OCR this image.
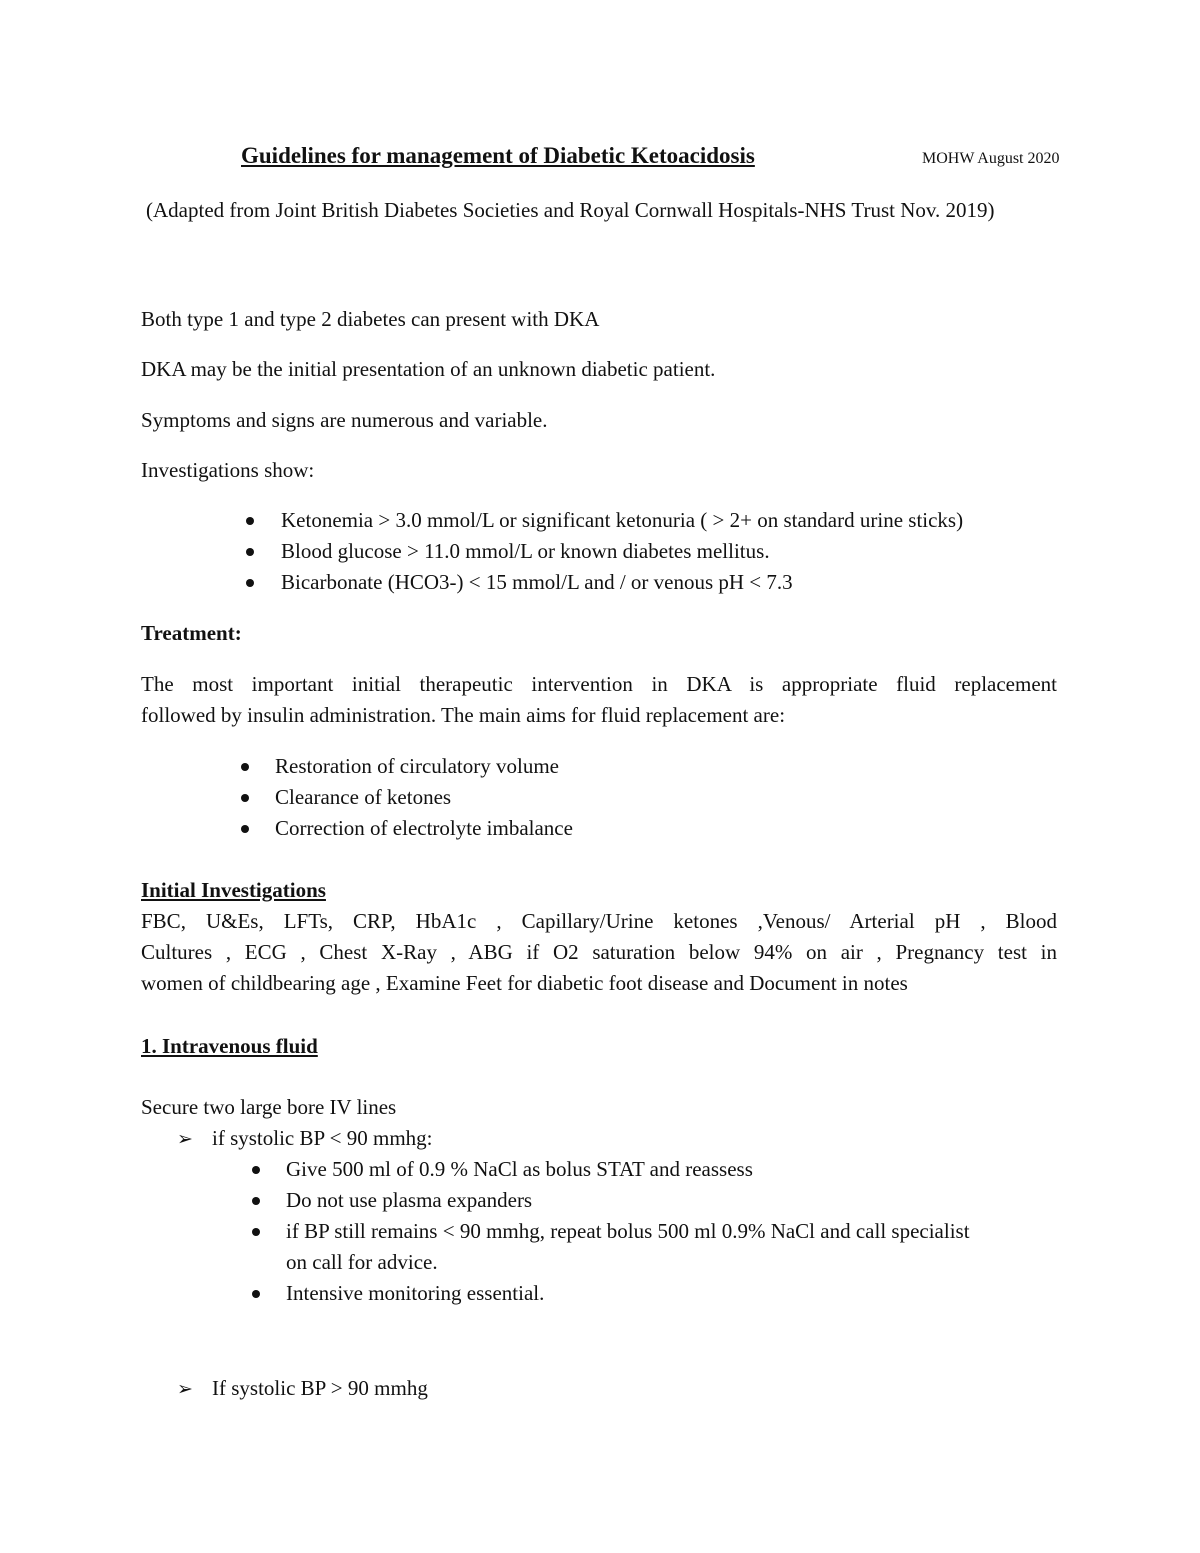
Guidelines for management of Diabetic Ketoacidosis	MOHW August 2020
(Adapted from Joint British Diabetes Societies and Royal Cornwall Hospitals-NHS Trust Nov. 2019)
Both type 1 and type 2 diabetes can present with DKA
DKA may be the initial presentation of an unknown diabetic patient.
Symptoms and signs are numerous and variable.
Investigations show:
Ketonemia > 3.0 mmol/L or significant ketonuria ( > 2+ on standard urine sticks)
Blood glucose > 11.0 mmol/L or known diabetes mellitus.
Bicarbonate (HCO3-) < 15 mmol/L and / or venous pH < 7.3
Treatment:
The most important initial therapeutic intervention in DKA is appropriate fluid replacement
followed by insulin administration. The main aims for fluid replacement are:
Restoration of circulatory volume
Clearance of ketones
Correction of electrolyte imbalance
Initial Investigations
FBC, U&Es, LFTs, CRP, HbA1c , Capillary/Urine ketones ,Venous/ Arterial pH , Blood
Cultures , ECG , Chest X-Ray , ABG if O2 saturation below 94% on air , Pregnancy test in
women of childbearing age , Examine Feet for diabetic foot disease and Document in notes
1. Intravenous fluid
Secure two large bore IV lines
➢ if systolic BP < 90 mmhg:
Give 500 ml of 0.9 % NaCl as bolus STAT and reassess
Do not use plasma expanders
if BP still remains < 90 mmhg, repeat bolus 500 ml 0.9% NaCl and call specialist
on call for advice.
Intensive monitoring essential.
➢ If systolic BP > 90 mmhg
